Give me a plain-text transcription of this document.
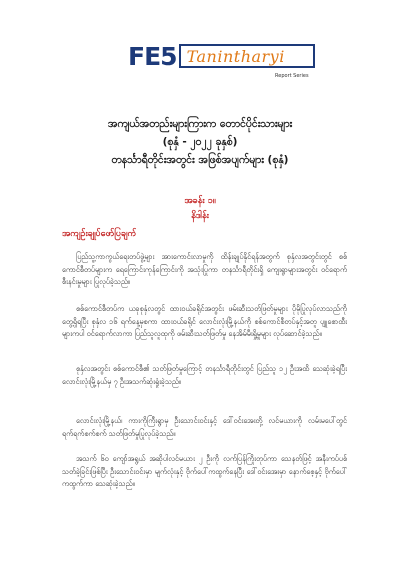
FE5 Tanintharyi
Report Series
အကျယ်အတည်းများကြားက တောင်ပိုင်းသားများ
(စုနှံ - ၂၀၂၂ ခုနှစ်)
တနင်္သာရီတိုင်းအတွင်း အဖြစ်အပျက်များ (စုနှံ)
အခန်း ၁။
နိဒါန်း
အကျဉ်းချုပ်ဖော်ပြချက်

ပြည်သူ့ကာကွယ်ရေးတပ်ဖွဲ့များ အားကောင်းလာမှုကို ထိန်းချုပ်နိုင်ရန်အတွက် စုနှံလအတွင်းတွင် စစ်ကောင်စီတပ်များက ရေကြောင်းကုန်ကြောင်းကို အသုံးပြုကာ တနင်္သာရီတိုင်းရှိ ကျေးရွာများအတွင်း ဝင်ရောက်စီးနင်းမှုများ ပြုလုပ်ခဲ့သည်။

စစ်ကောင်စီတပ်က ယခုစုနှံလတွင် ထားဝယ်ခရိုင်အတွင်း ဖမ်းဆီးသတ်ဖြတ်မှုများ ပိုမိုပြုလုပ်လာသည်ကို တွေ့ရှိရပြီး စုနှံလ ၁၆ ရက်နေ့မှစကာ ထားဝယ်ခရိုင် လောင်းလုံးမြို့နယ်ကို စစ်ကောင်စီတပ်နှင့်အတူ ပျူစောထီးများကပါ ဝင်ရောက်လာကာ ပြည်သူလူထုကို ဖမ်းဆီးသတ်ဖြတ်မှု နေအိမ်မီးရှို့မှုများ လုပ်ဆောင်ခဲ့သည်။

စုနှံလအတွင်း စစ်ကောင်စီ၏ သတ်ဖြတ်မှုကြောင့် တနင်္သာရီတိုင်းတွင် ပြည်သူ ၁၂ ဦးအထိ သေဆုံးခဲ့ရပြီး လောင်းလုံးမြို့နယ်မှ ၇ ဦးအသက်ဆုံးရှုံးခဲ့သည်။

လောင်းလုံးမြို့နယ်၊ ကားကိုကြီးရွာမှ ဦးသောင်းဝင်းနှင့် ဒေါ်ဝင်းအေးတို့ လင်မယားကို လမ်းမပေါ်တွင် ရက်ရက်စက်စက် သတ်ဖြတ်မှုပြုလုပ်ခဲ့သည်။

အသက် ၆၀ ကျော်အရွယ် အဆိုပါလင်မယား ၂ ဦးကို လက်ပြန်ကြိုးတုပ်ကာ သေနတ်ဖြင့် အနီးကပ်ပစ်သတ်ခဲ့ခြင်းဖြစ်ပြီး ဦးသောင်းဝင်းမှာ မျက်လုံးနှင့် ဗိုက်ပေါ်ကထွက်နေပြီး ဒေါ်ဝင်းအေးမှာ နောက်စေ့နှင့် ဗိုက်ပေါ်ကထွက်ကာ သေဆုံးခဲ့သည်။
